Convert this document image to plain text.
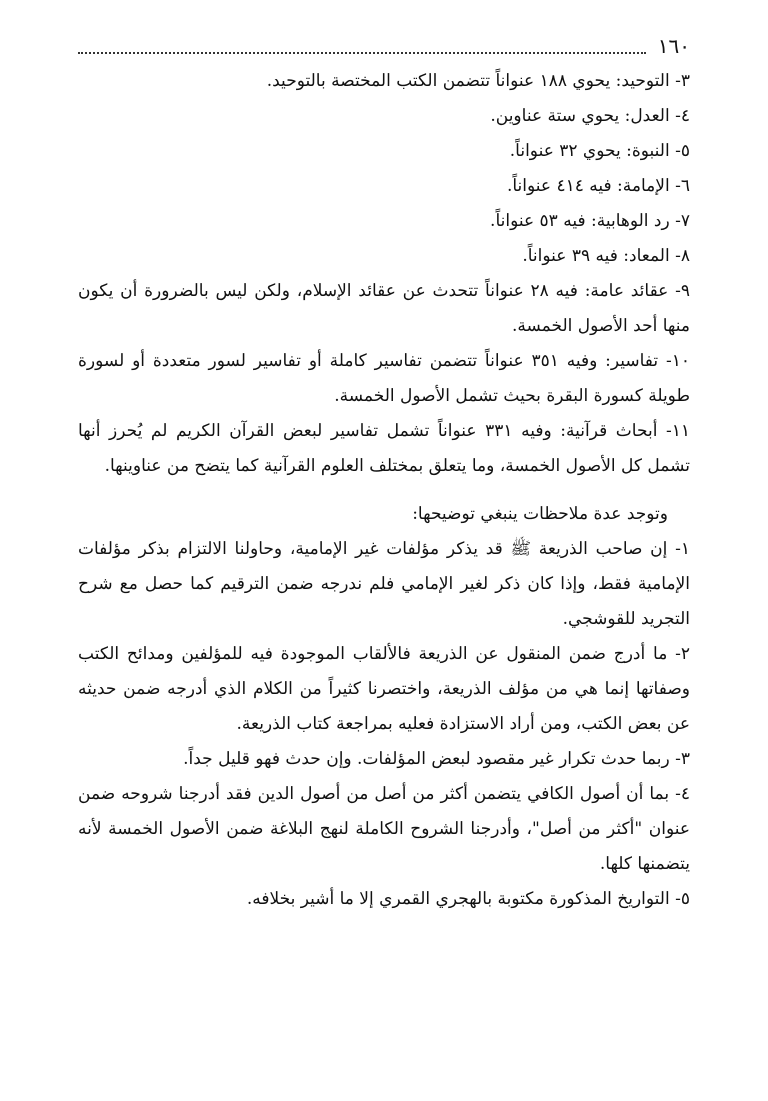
١٦٠

٣- التوحيد: يحوي ١٨٨ عنواناً تتضمن الكتب المختصة بالتوحيد.

٤- العدل: يحوي ستة عناوين.

٥- النبوة: يحوي ٣٢ عنواناً.

٦- الإمامة: فيه ٤١٤ عنواناً.

٧- رد الوهابية: فيه ٥٣ عنواناً.

٨- المعاد: فيه ٣٩ عنواناً.

٩- عقائد عامة: فيه ٢٨ عنواناً تتحدث عن عقائد الإسلام، ولكن ليس بالضرورة أن يكون منها أحد الأصول الخمسة.

١٠- تفاسير: وفيه ٣٥١ عنواناً تتضمن تفاسير كاملة أو تفاسير لسور متعددة أو لسورة طويلة كسورة البقرة بحيث تشمل الأصول الخمسة.

١١- أبحاث قرآنية: وفيه ٣٣١ عنواناً تشمل تفاسير لبعض القرآن الكريم لم يُحرز أنها تشمل كل الأصول الخمسة، وما يتعلق بمختلف العلوم القرآنية كما يتضح من عناوينها.

وتوجد عدة ملاحظات ينبغي توضيحها:

١- إن صاحب الذريعة ﷺ قد يذكر مؤلفات غير الإمامية، وحاولنا الالتزام بذكر مؤلفات الإمامية فقط، وإذا كان ذكر لغير الإمامي فلم ندرجه ضمن الترقيم كما حصل مع شرح التجريد للقوشجي.

٢- ما أدرج ضمن المنقول عن الذريعة فالألقاب الموجودة فيه للمؤلفين ومدائح الكتب وصفاتها إنما هي من مؤلف الذريعة، واختصرنا كثيراً من الكلام الذي أدرجه ضمن حديثه عن بعض الكتب، ومن أراد الاستزادة فعليه بمراجعة كتاب الذريعة.

٣- ربما حدث تكرار غير مقصود لبعض المؤلفات. وإن حدث فهو قليل جداً.

٤- بما أن أصول الكافي يتضمن أكثر من أصل من أصول الدين فقد أدرجنا شروحه ضمن عنوان "أكثر من أصل"، وأدرجنا الشروح الكاملة لنهج البلاغة ضمن الأصول الخمسة لأنه يتضمنها كلها.

٥- التواريخ المذكورة مكتوبة بالهجري القمري إلا ما أشير بخلافه.
